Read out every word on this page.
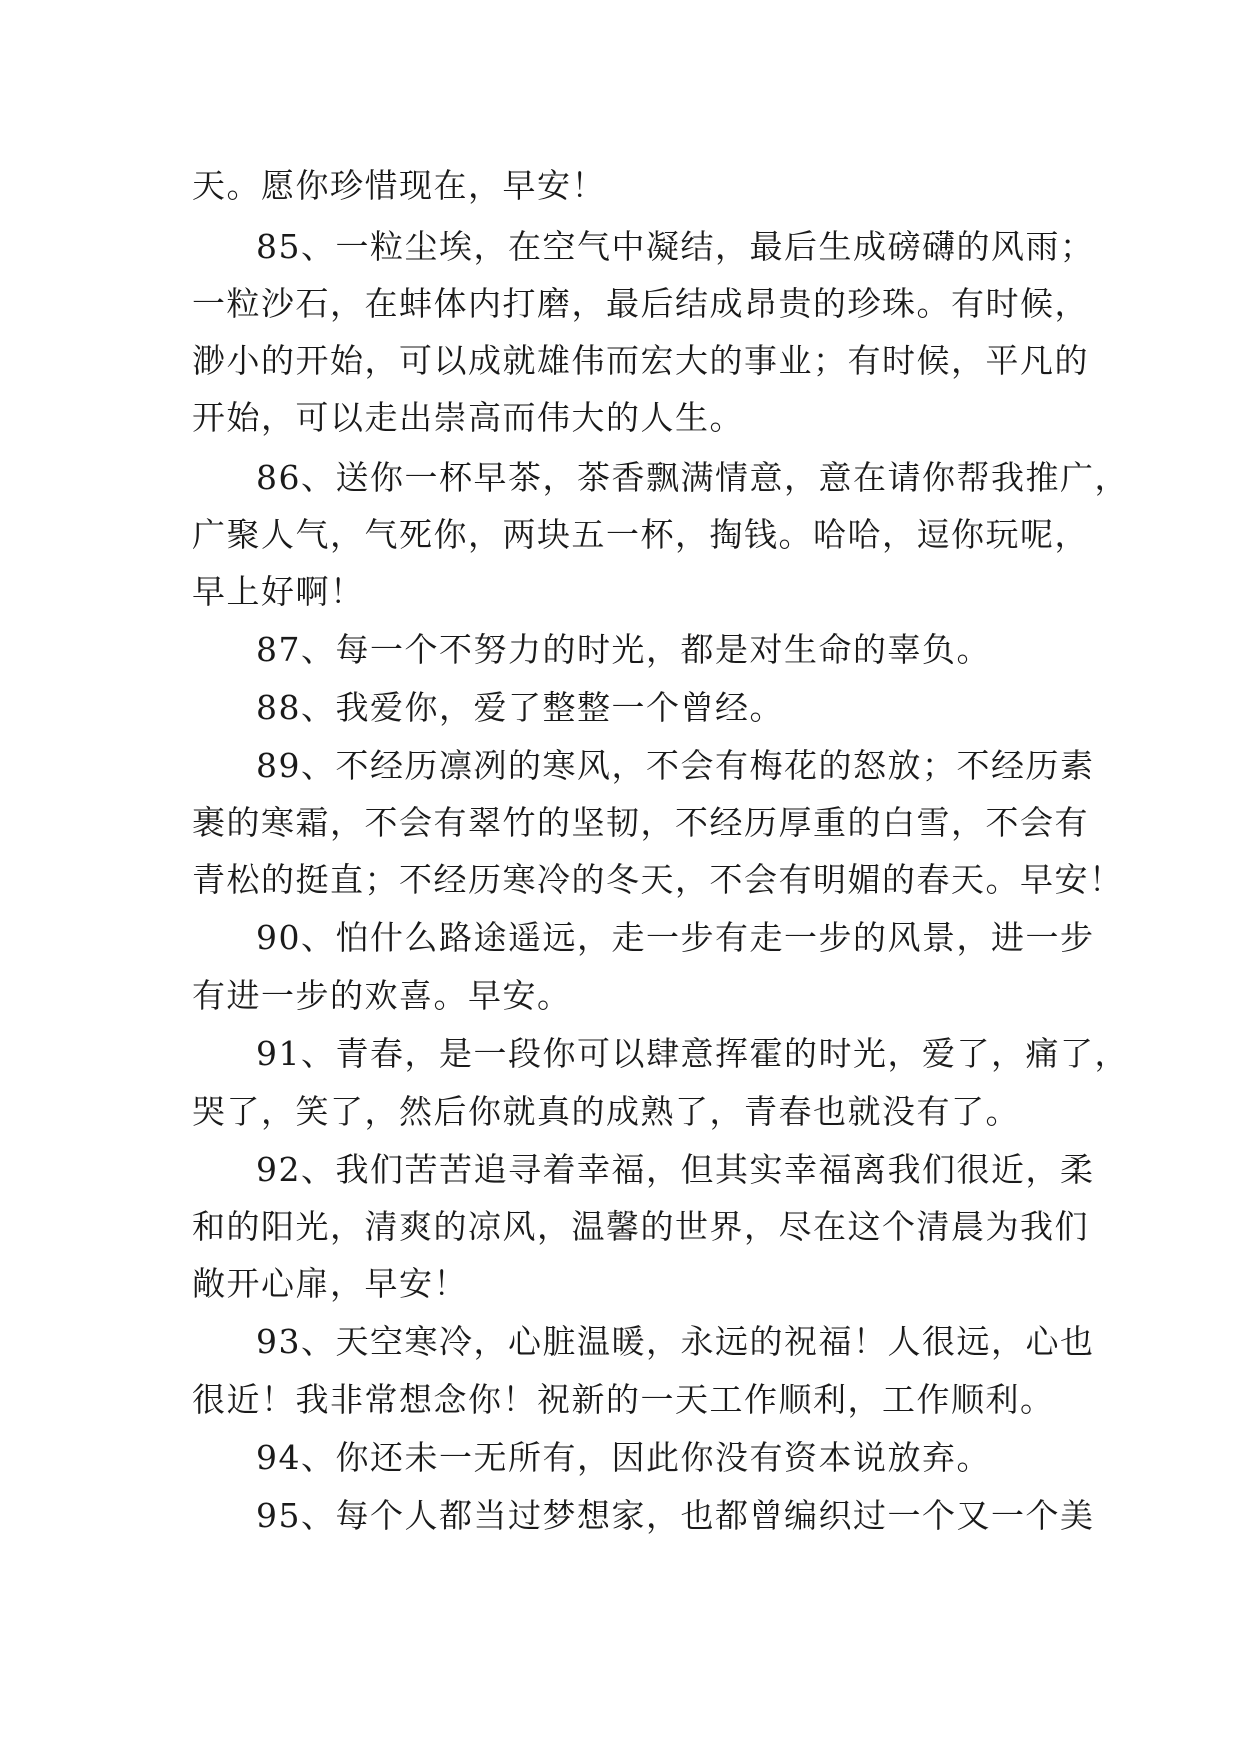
天。愿你珍惜现在，早安！
85、一粒尘埃，在空气中凝结，最后生成磅礴的风雨；
一粒沙石，在蚌体内打磨，最后结成昂贵的珍珠。有时候，
渺小的开始，可以成就雄伟而宏大的事业；有时候，平凡的
开始，可以走出崇高而伟大的人生。
86、送你一杯早茶，茶香飘满情意，意在请你帮我推广，
广聚人气，气死你，两块五一杯，掏钱。哈哈，逗你玩呢，
早上好啊！
87、每一个不努力的时光，都是对生命的辜负。
88、我爱你，爱了整整一个曾经。
89、不经历凛冽的寒风，不会有梅花的怒放；不经历素
裹的寒霜，不会有翠竹的坚韧，不经历厚重的白雪，不会有
青松的挺直；不经历寒冷的冬天，不会有明媚的春天。早安！
90、怕什么路途遥远，走一步有走一步的风景，进一步
有进一步的欢喜。早安。
91、青春，是一段你可以肆意挥霍的时光，爱了，痛了，
哭了，笑了，然后你就真的成熟了，青春也就没有了。
92、我们苦苦追寻着幸福，但其实幸福离我们很近，柔
和的阳光，清爽的凉风，温馨的世界，尽在这个清晨为我们
敞开心扉，早安！
93、天空寒冷，心脏温暖，永远的祝福！人很远，心也
很近！我非常想念你！祝新的一天工作顺利，工作顺利。
94、你还未一无所有，因此你没有资本说放弃。
95、每个人都当过梦想家，也都曾编织过一个又一个美
